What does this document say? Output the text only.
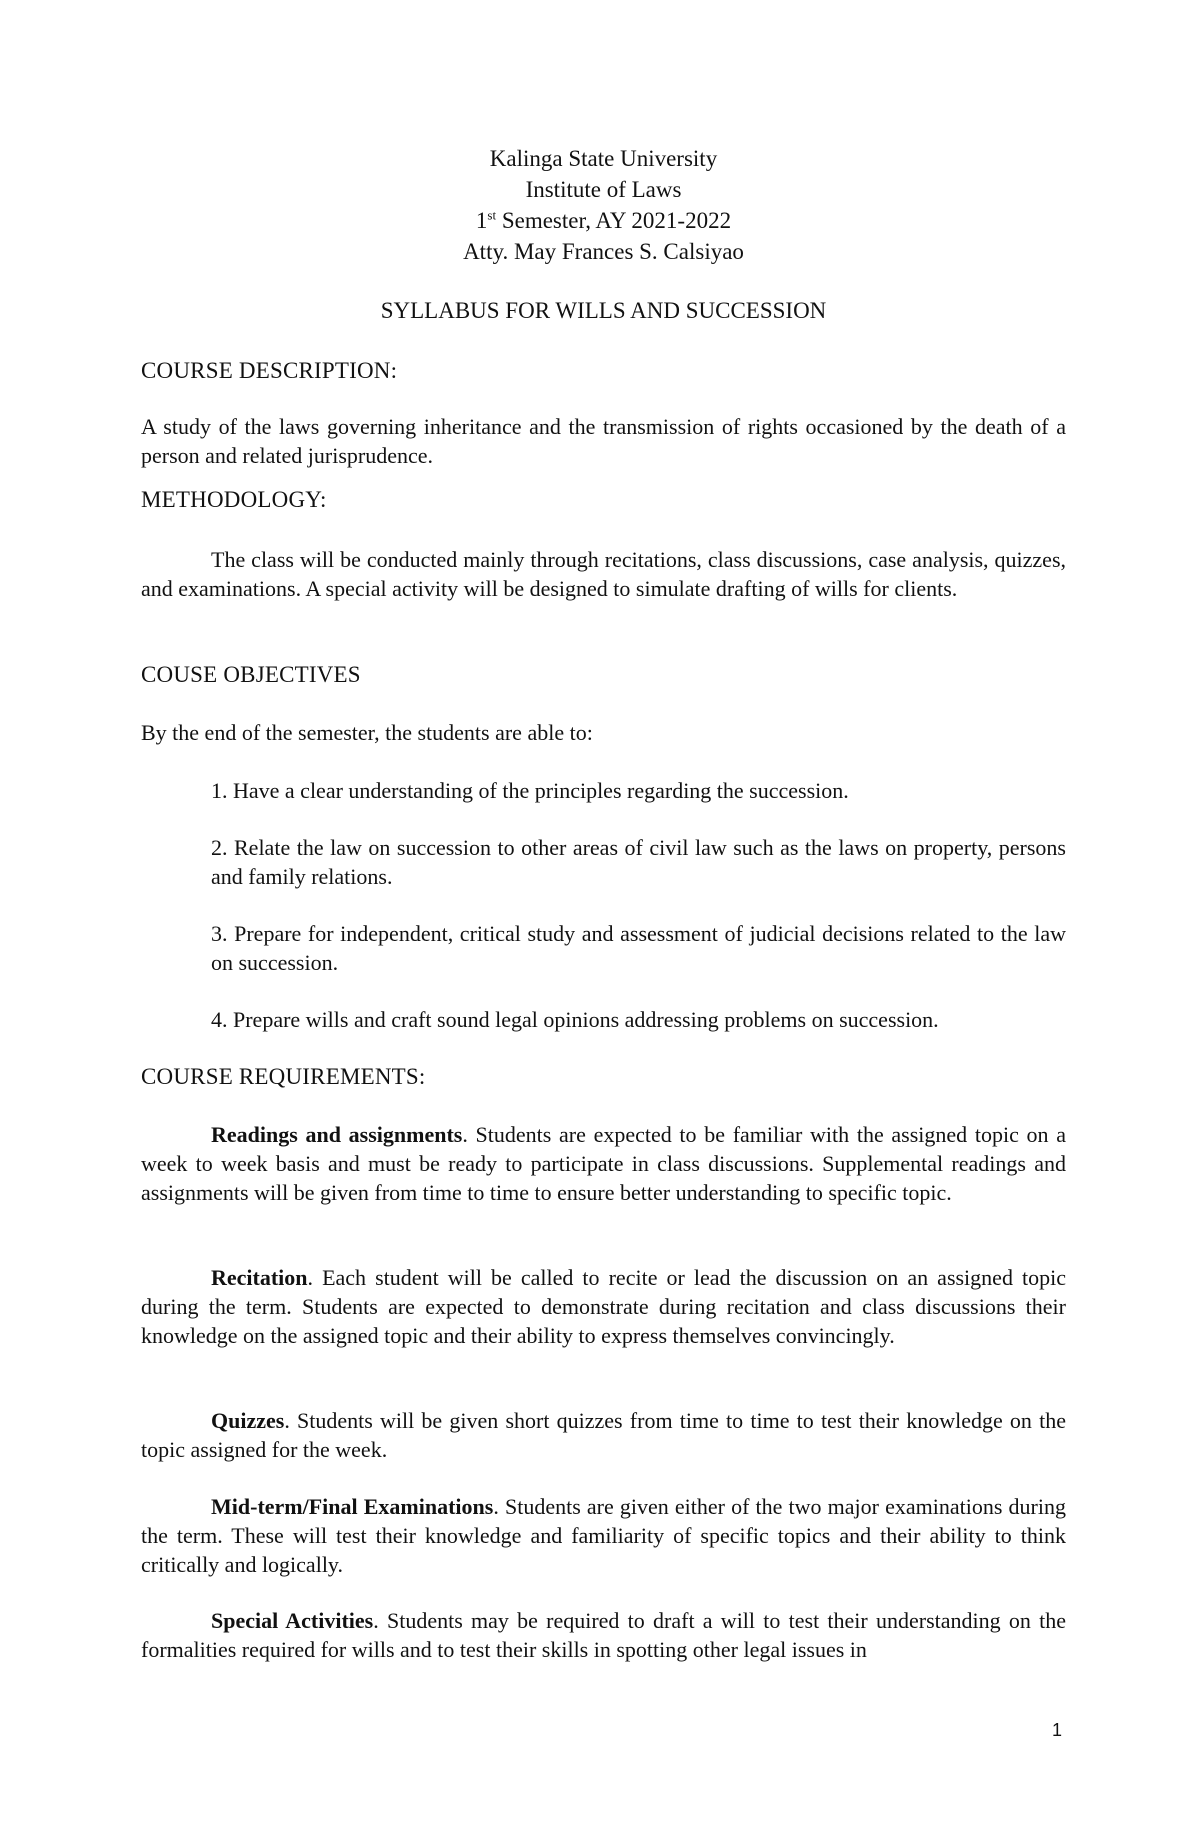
Kalinga State University
Institute of Laws
1st Semester, AY 2021-2022
Atty. May Frances S. Calsiyao
SYLLABUS FOR WILLS AND SUCCESSION
COURSE DESCRIPTION:
A study of the laws governing inheritance and the transmission of rights occasioned by the death of a person and related jurisprudence.
METHODOLOGY:
The class will be conducted mainly through recitations, class discussions, case analysis, quizzes, and examinations. A special activity will be designed to simulate drafting of wills for clients.
COUSE OBJECTIVES
By the end of the semester, the students are able to:
1. Have a clear understanding of the principles regarding the succession.
2. Relate the law on succession to other areas of civil law such as the laws on property, persons and family relations.
3. Prepare for independent, critical study and assessment of judicial decisions related to the law on succession.
4. Prepare wills and craft sound legal opinions addressing problems on succession.
COURSE REQUIREMENTS:
Readings and assignments. Students are expected to be familiar with the assigned topic on a week to week basis and must be ready to participate in class discussions. Supplemental readings and assignments will be given from time to time to ensure better understanding to specific topic.
Recitation. Each student will be called to recite or lead the discussion on an assigned topic during the term. Students are expected to demonstrate during recitation and class discussions their knowledge on the assigned topic and their ability to express themselves convincingly.
Quizzes. Students will be given short quizzes from time to time to test their knowledge on the topic assigned for the week.
Mid-term/Final Examinations. Students are given either of the two major examinations during the term. These will test their knowledge and familiarity of specific topics and their ability to think critically and logically.
Special Activities. Students may be required to draft a will to test their understanding on the formalities required for wills and to test their skills in spotting other legal issues in
1
